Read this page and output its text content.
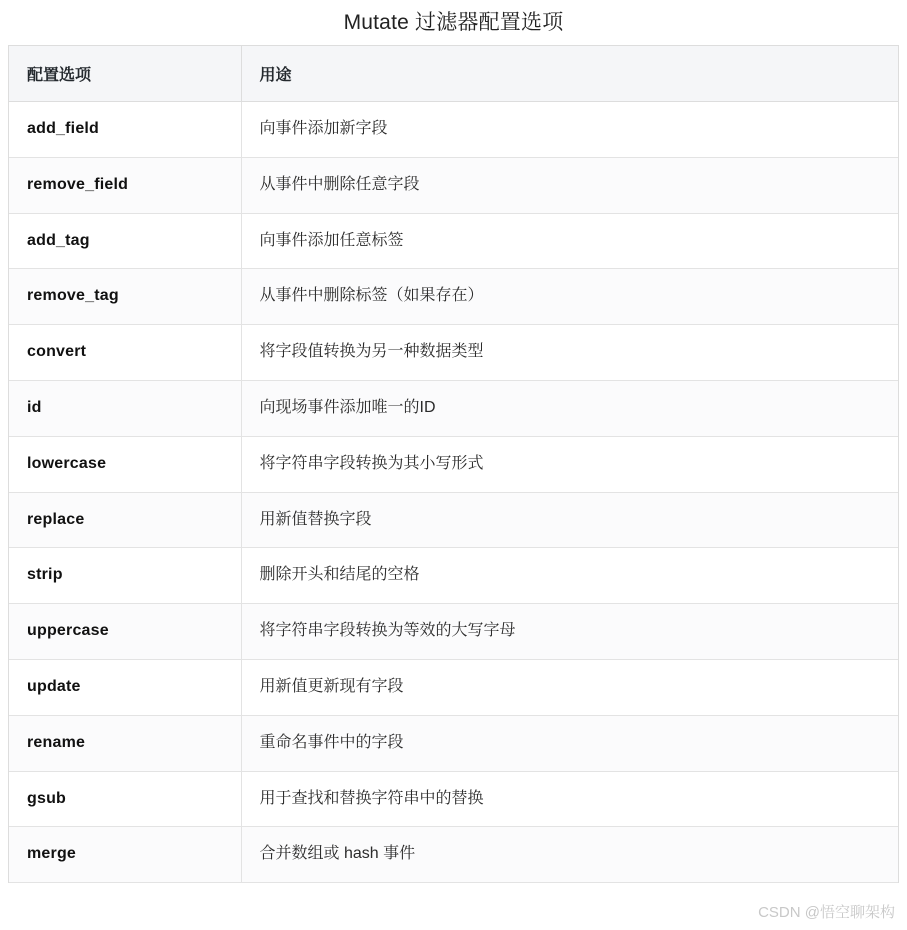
Mutate 过滤器配置选项
配置选项	用途
add_field	向事件添加新字段
remove_field	从事件中删除任意字段
add_tag	向事件添加任意标签
remove_tag	从事件中删除标签（如果存在）
convert	将字段值转换为另一种数据类型
id	向现场事件添加唯一的ID
lowercase	将字符串字段转换为其小写形式
replace	用新值替换字段
strip	删除开头和结尾的空格
uppercase	将字符串字段转换为等效的大写字母
update	用新值更新现有字段
rename	重命名事件中的字段
gsub	用于查找和替换字符串中的替换
merge	合并数组或 hash 事件
CSDN @悟空聊架构
